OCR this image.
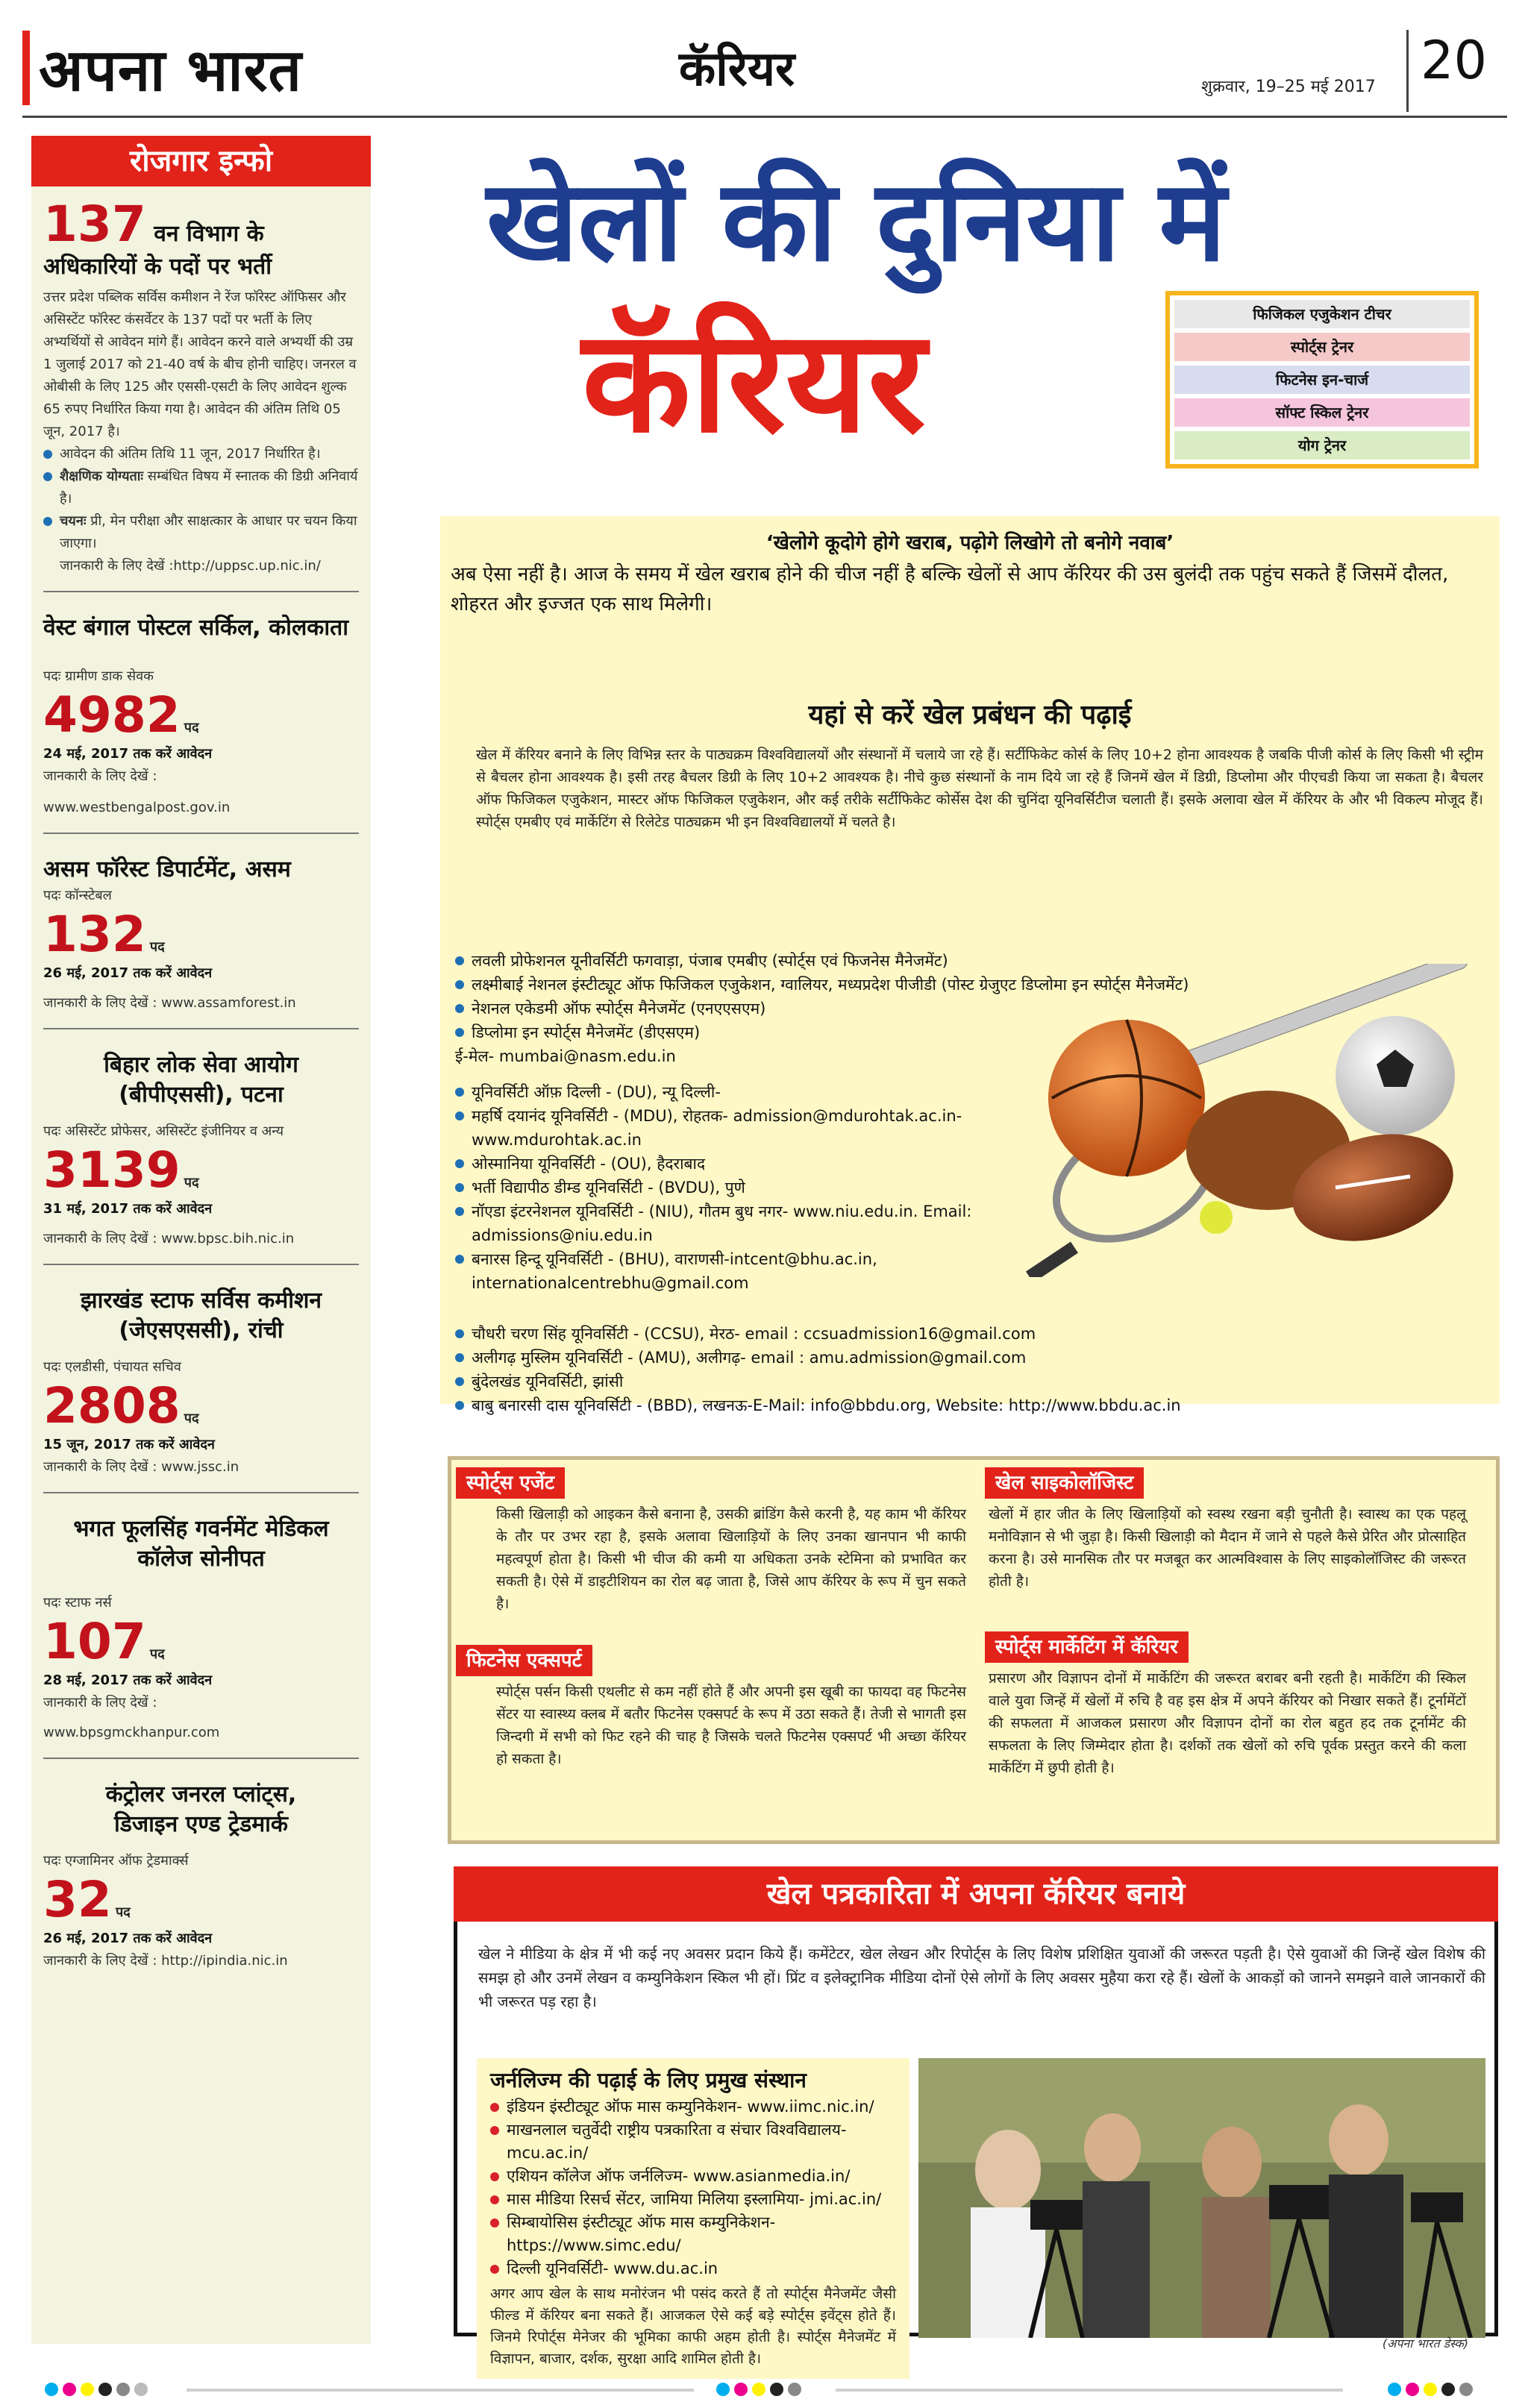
अपना भारत	कॅरियर	शुक्रवार, 19–25 मई 2017 20
रोजगार इन्फो
137 वन विभाग के अधिकारियों के पदों पर भर्ती
उत्तर प्रदेश पब्लिक सर्विस कमीशन ने रेंज फॉरेस्ट ऑफिसर और असिस्टेंट फॉरेस्ट कंसर्वेटर के 137 पदों पर भर्ती के लिए अभ्यर्थियों से आवेदन मांगे हैं। आवेदन करने वाले अभ्यर्थी की उम्र 1 जुलाई 2017 को 21-40 वर्ष के बीच होनी चाहिए। जनरल व ओबीसी के लिए 125 और एससी-एसटी के लिए आवेदन शुल्क 65 रुपए निर्धारित किया गया है। आवेदन की अंतिम तिथि 05 जून, 2017 है।
आवेदन की अंतिम तिथि 11 जून, 2017 निर्धारित है।
शैक्षणिक योग्यताः सम्बंधित विषय में स्नातक की डिग्री अनिवार्य है।
चयनः प्री, मेन परीक्षा और साक्षत्कार के आधार पर चयन किया जाएगा।
जानकारी के लिए देखें :http://uppsc.up.nic.in/
वेस्ट बंगाल पोस्टल सर्किल, कोलकाता
पदः ग्रामीण डाक सेवक
4982 पद
24 मई, 2017 तक करें आवेदन
जानकारी के लिए देखें :
www.westbengalpost.gov.in
असम फॉरेस्ट डिपार्टमेंट, असम
पदः कॉन्स्टेबल
132 पद
26 मई, 2017 तक करें आवेदन
जानकारी के लिए देखें : www.assamforest.in
बिहार लोक सेवा आयोग (बीपीएससी), पटना
पदः असिस्टेंट प्रोफेसर, असिस्टेंट इंजीनियर व अन्य
3139 पद
31 मई, 2017 तक करें आवेदन
जानकारी के लिए देखें : www.bpsc.bih.nic.in
झारखंड स्टाफ सर्विस कमीशन (जेएसएससी), रांची
पदः एलडीसी, पंचायत सचिव
2808 पद
15 जून, 2017 तक करें आवेदन
जानकारी के लिए देखें : www.jssc.in
भगत फूलसिंह गवर्नमेंट मेडिकल कॉलेज सोनीपत
पदः स्टाफ नर्स
107 पद
28 मई, 2017 तक करें आवेदन
जानकारी के लिए देखें :
www.bpsgmckhanpur.com
कंट्रोलर जनरल प्लांट्स, डिजाइन एण्ड ट्रेडमार्क
पदः एग्जामिनर ऑफ ट्रेडमार्क्स
32 पद
26 मई, 2017 तक करें आवेदन
जानकारी के लिए देखें : http://ipindia.nic.in
खेलों की दुनिया में
कॅरियर	फिजिकल एजुकेशन टीचर
स्पोर्ट्स ट्रेनर
फिटनेस इन-चार्ज
सॉफ्ट स्किल ट्रेनर
योग ट्रेनर
‘खेलोगे कूदोगे होगे खराब, पढ़ोगे लिखोगे तो बनोगे नवाब’
अब ऐसा नहीं है। आज के समय में खेल खराब होने की चीज नहीं है बल्कि खेलों से आप कॅरियर की उस बुलंदी तक पहुंच सकते हैं जिसमें दौलत, शोहरत और इज्जत एक साथ मिलेगी।
यहां से करें खेल प्रबंधन की पढ़ाई
खेल में कॅरियर बनाने के लिए विभिन्न स्तर के पाठ्यक्रम विश्वविद्यालयों और संस्थानों में चलाये जा रहे हैं। सर्टीफिकेट कोर्स के लिए 10+2 होना आवश्यक है जबकि पीजी कोर्स के लिए किसी भी स्ट्रीम से बैचलर होना आवश्यक है। इसी तरह बैचलर डिग्री के लिए 10+2 आवश्यक है। नीचे कुछ संस्थानों के नाम दिये जा रहे हैं जिनमें खेल में डिग्री, डिप्लोमा और पीएचडी किया जा सकता है। बैचलर ऑफ फिजिकल एजुकेशन, मास्टर ऑफ फिजिकल एजुकेशन, और कई तरीके सर्टीफिकेट कोर्सेस देश की चुनिंदा यूनिवर्सिटीज चलाती हैं। इसके अलावा खेल में कॅरियर के और भी विकल्प मोजूद हैं। स्पोर्ट्स एमबीए एवं मार्केटिंग से रिलेटेड पाठ्यक्रम भी इन विश्वविद्यालयों में चलते है।
लवली प्रोफेशनल यूनीवर्सिटी फगवाड़ा, पंजाब एमबीए (स्पोर्ट्स एवं फिजनेस मैनेजमेंट)
लक्ष्मीबाई नेशनल इंस्टीट्यूट ऑफ फिजिकल एजुकेशन, ग्वालियर, मध्यप्रदेश पीजीडी (पोस्ट ग्रेजुएट डिप्लोमा इन स्पोर्ट्स मैनेजमेंट)
नेशनल एकेडमी ऑफ स्पोर्ट्स मैनेजमेंट (एनएएसएम)
डिप्लोमा इन स्पोर्ट्स मैनेजमेंट (डीएसएम)
ई-मेल- mumbai@nasm.edu.in
यूनिवर्सिटी ऑफ़ दिल्ली - (DU), न्यू दिल्ली-
महर्षि दयानंद यूनिवर्सिटी - (MDU), रोहतक- admission@mdurohtak.ac.in- www.mdurohtak.ac.in
ओस्मानिया यूनिवर्सिटी - (OU), हैदराबाद
भर्ती विद्यापीठ डीम्ड यूनिवर्सिटी - (BVDU), पुणे
नॉएडा इंटरनेशनल यूनिवर्सिटी - (NIU), गौतम बुध नगर- www.niu.edu.in. Email: admissions@niu.edu.in
बनारस हिन्दू यूनिवर्सिटी - (BHU), वाराणसी-intcent@bhu.ac.in, internationalcentrebhu@gmail.com
चौधरी चरण सिंह यूनिवर्सिटी - (CCSU), मेरठ- email : ccsuadmission16@gmail.com
अलीगढ़ मुस्लिम यूनिवर्सिटी - (AMU), अलीगढ़- email : amu.admission@gmail.com
बुंदेलखंड यूनिवर्सिटी, झांसी
बाबु बनारसी दास यूनिवर्सिटी - (BBD), लखनऊ-E-Mail: info@bbdu.org, Website: http://www.bbdu.ac.in
स्पोर्ट्स एजेंट
किसी खिलाड़ी को आइकन कैसे बनाना है, उसकी ब्रांडिंग कैसे करनी है, यह काम भी कॅरियर के तौर पर उभर रहा है, इसके अलावा खिलाड़ियों के लिए उनका खानपान भी काफी महत्वपूर्ण होता है। किसी भी चीज की कमी या अधिकता उनके स्टेमिना को प्रभावित कर सकती है। ऐसे में डाइटीशियन का रोल बढ़ जाता है, जिसे आप कॅरियर के रूप में चुन सकते है।
फिटनेस एक्सपर्ट
स्पोर्ट्स पर्सन किसी एथलीट से कम नहीं होते हैं और अपनी इस खूबी का फायदा वह फिटनेस सेंटर या स्वास्थ्य क्लब में बतौर फिटनेस एक्सपर्ट के रूप में उठा सकते हैं। तेजी से भागती इस जिन्दगी में सभी को फिट रहने की चाह है जिसके चलते फिटनेस एक्सपर्ट भी अच्छा कॅरियर हो सकता है।
खेल साइकोलॉजिस्ट
खेलों में हार जीत के लिए खिलाड़ियों को स्वस्थ रखना बड़ी चुनौती है। स्वास्थ का एक पहलू मनोविज्ञान से भी जुड़ा है। किसी खिलाड़ी को मैदान में जाने से पहले कैसे प्रेरित और प्रोत्साहित करना है। उसे मानसिक तौर पर मजबूत कर आत्मविश्वास के लिए साइकोलॉजिस्ट की जरूरत होती है।
स्पोर्ट्स मार्केटिंग में कॅरियर
प्रसारण और विज्ञापन दोनों में मार्केटिंग की जरूरत बराबर बनी रहती है। मार्केटिंग की स्किल वाले युवा जिन्हें में खेलों में रुचि है वह इस क्षेत्र में अपने कॅरियर को निखार सकते हैं। टूर्नामेंटों की सफलता में आजकल प्रसारण और विज्ञापन दोनों का रोल बहुत हद तक टूर्नामेंट की सफलता के लिए जिम्मेदार होता है। दर्शकों तक खेलों को रुचि पूर्वक प्रस्तुत करने की कला मार्केटिंग में छुपी होती है।
खेल पत्रकारिता में अपना कॅरियर बनाये
खेल ने मीडिया के क्षेत्र में भी कई नए अवसर प्रदान किये हैं। कमेंटेटर, खेल लेखन और रिपोर्ट्स के लिए विशेष प्रशिक्षित युवाओं की जरूरत पड़ती है। ऐसे युवाओं की जिन्हें खेल विशेष की समझ हो और उनमें लेखन व कम्युनिकेशन स्किल भी हों। प्रिंट व इलेक्ट्रानिक मीडिया दोनों ऐसे लोगों के लिए अवसर मुहैया करा रहे हैं। खेलों के आकड़ों को जानने समझने वाले जानकारों की भी जरूरत पड़ रहा है।
जर्नलिज्म की पढ़ाई के लिए प्रमुख संस्थान
इंडियन इंस्टीट्यूट ऑफ मास कम्युनिकेशन- www.iimc.nic.in/
माखनलाल चतुर्वेदी राष्ट्रीय पत्रकारिता व संचार विश्वविद्यालय- mcu.ac.in/
एशियन कॉलेज ऑफ जर्नलिज्म- www.asianmedia.in/
मास मीडिया रिसर्च सेंटर, जामिया मिलिया इस्लामिया- jmi.ac.in/
सिम्बायोसिस इंस्टीट्यूट ऑफ मास कम्युनिकेशन- https://www.simc.edu/
दिल्ली यूनिवर्सिटी- www.du.ac.in
अगर आप खेल के साथ मनोरंजन भी पसंद करते हैं तो स्पोर्ट्स मैनेजमेंट जैसी फील्ड में कॅरियर बना सकते हैं। आजकल ऐसे कई बड़े स्पोर्ट्स इवेंट्स होते हैं। जिनमे रिपोर्ट्स मेनेजर की भूमिका काफी अहम होती है। स्पोर्ट्स मैनेजमेंट में विज्ञापन, बाजार, दर्शक, सुरक्षा आदि शामिल होती है।
(अपना भारत डेस्क)
